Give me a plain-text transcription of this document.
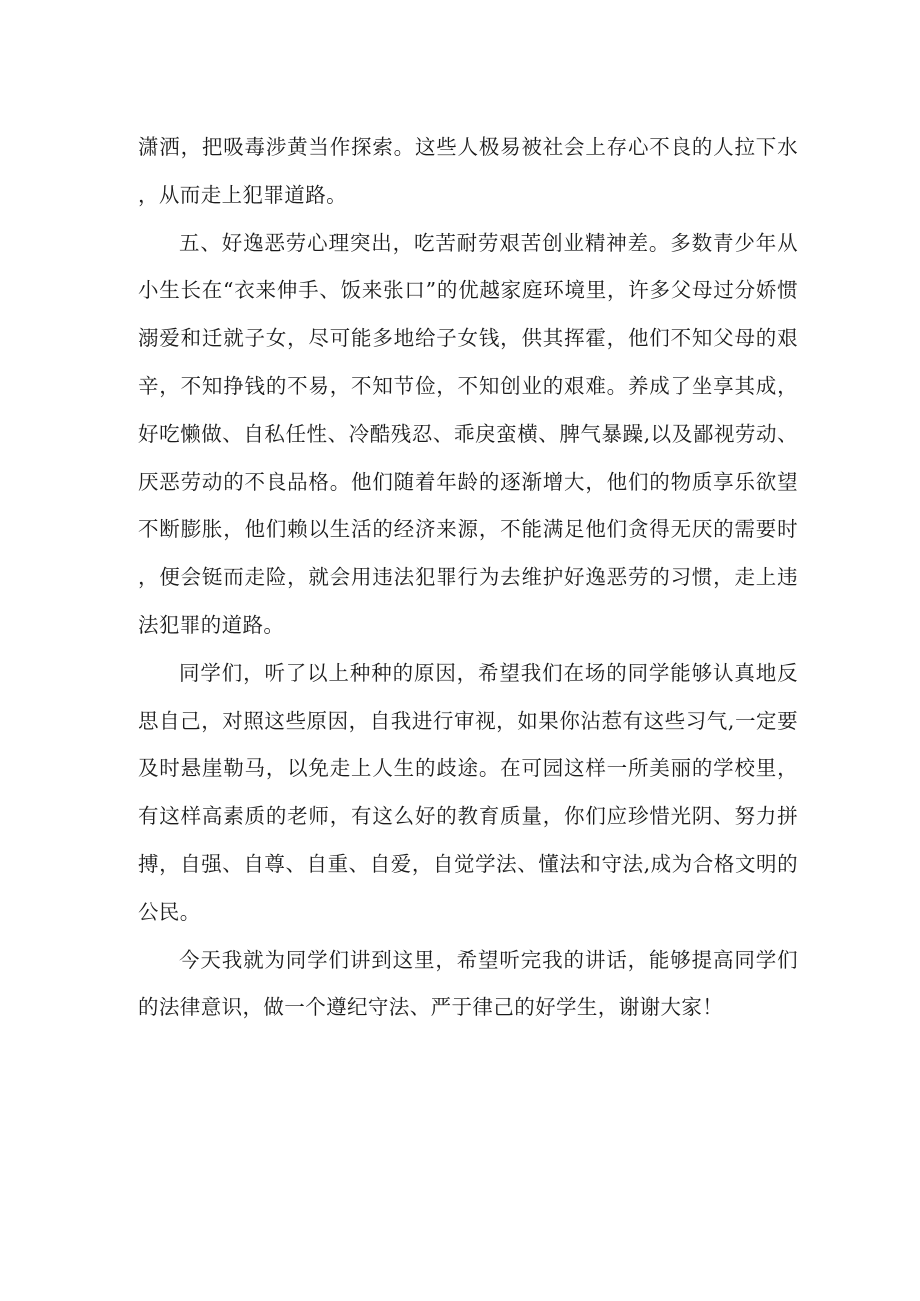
潇洒，把吸毒涉黄当作探索。这些人极易被社会上存心不良的人拉下水，从而走上犯罪道路。

五、好逸恶劳心理突出，吃苦耐劳艰苦创业精神差。多数青少年从小生长在“衣来伸手、饭来张口”的优越家庭环境里，许多父母过分娇惯溺爱和迁就子女，尽可能多地给子女钱，供其挥霍，他们不知父母的艰辛，不知挣钱的不易，不知节俭，不知创业的艰难。养成了坐享其成，好吃懒做、自私任性、冷酷残忍、乖戾蛮横、脾气暴躁,以及鄙视劳动、厌恶劳动的不良品格。他们随着年龄的逐渐增大，他们的物质享乐欲望不断膨胀，他们赖以生活的经济来源，不能满足他们贪得无厌的需要时，便会铤而走险，就会用违法犯罪行为去维护好逸恶劳的习惯，走上违法犯罪的道路。

同学们，听了以上种种的原因，希望我们在场的同学能够认真地反思自己，对照这些原因，自我进行审视，如果你沾惹有这些习气,一定要及时悬崖勒马，以免走上人生的歧途。在可园这样一所美丽的学校里，有这样高素质的老师，有这么好的教育质量，你们应珍惜光阴、努力拼搏，自强、自尊、自重、自爱，自觉学法、懂法和守法,成为合格文明的公民。

今天我就为同学们讲到这里，希望听完我的讲话，能够提高同学们的法律意识，做一个遵纪守法、严于律己的好学生，谢谢大家！
